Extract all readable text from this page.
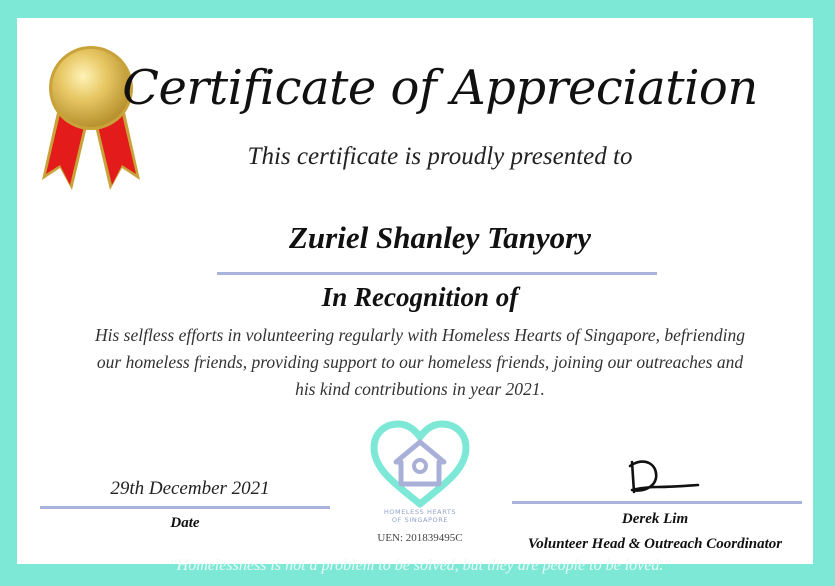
Certificate of Appreciation
This certificate is proudly presented to
Zuriel Shanley Tanyory
In Recognition of
His selfless efforts in volunteering regularly with Homeless Hearts of Singapore, befriending
our homeless friends, providing support to our homeless friends, joining our outreaches and
his kind contributions in year 2021.
29th December 2021
Date
HOMELESS HEARTS
OF SINGAPORE
UEN: 201839495C
Derek Lim
Volunteer Head & Outreach Coordinator
"Homelessness is not a problem to be solved, but they are people to be loved."
